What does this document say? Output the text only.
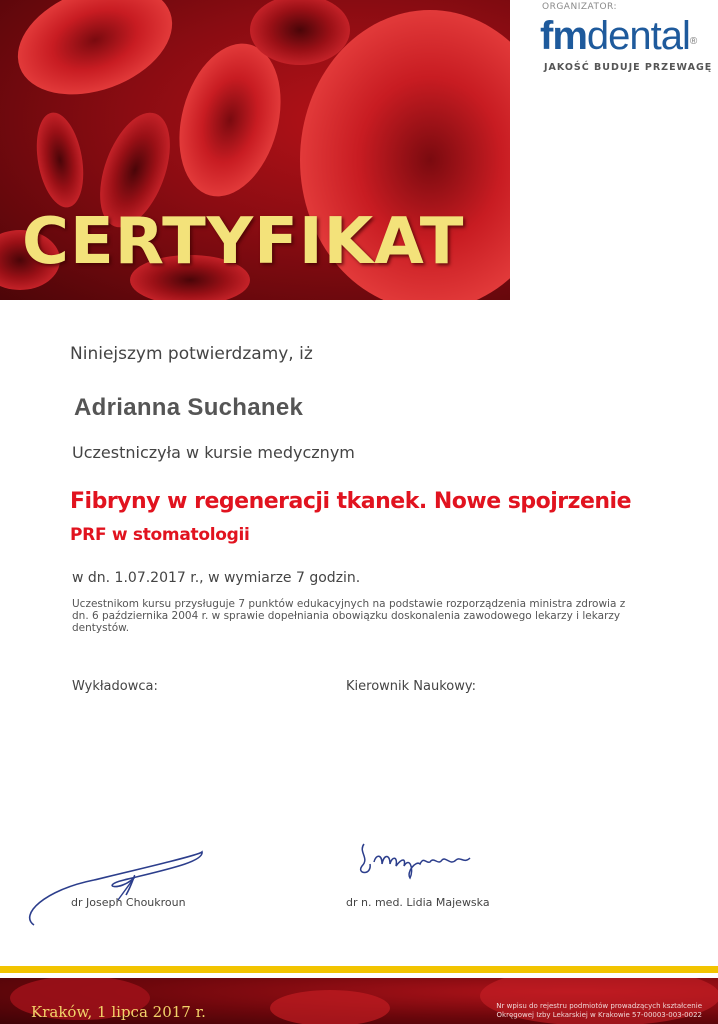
CERTYFIKAT
ORGANIZATOR:
fmdental®
JAKOŚĆ BUDUJE PRZEWAGĘ
Niniejszym potwierdzamy, iż
Adrianna Suchanek
Uczestniczyła w kursie medycznym
Fibryny w regeneracji tkanek. Nowe spojrzenie
PRF w stomatologii
w dn. 1.07.2017 r., w wymiarze 7 godzin.
Uczestnikom kursu przysługuje 7 punktów edukacyjnych na podstawie rozporządzenia ministra zdrowia z dn. 6 października 2004 r. w sprawie dopełniania obowiązku doskonalenia zawodowego lekarzy i lekarzy dentystów.
Wykładowca:	Kierownik Naukowy:
dr Joseph Choukroun	dr n. med. Lidia Majewska
Kraków, 1 lipca 2017 r.	Nr wpisu do rejestru podmiotów prowadzących kształcenie
Okręgowej Izby Lekarskiej w Krakowie 57-00003-003-0022
